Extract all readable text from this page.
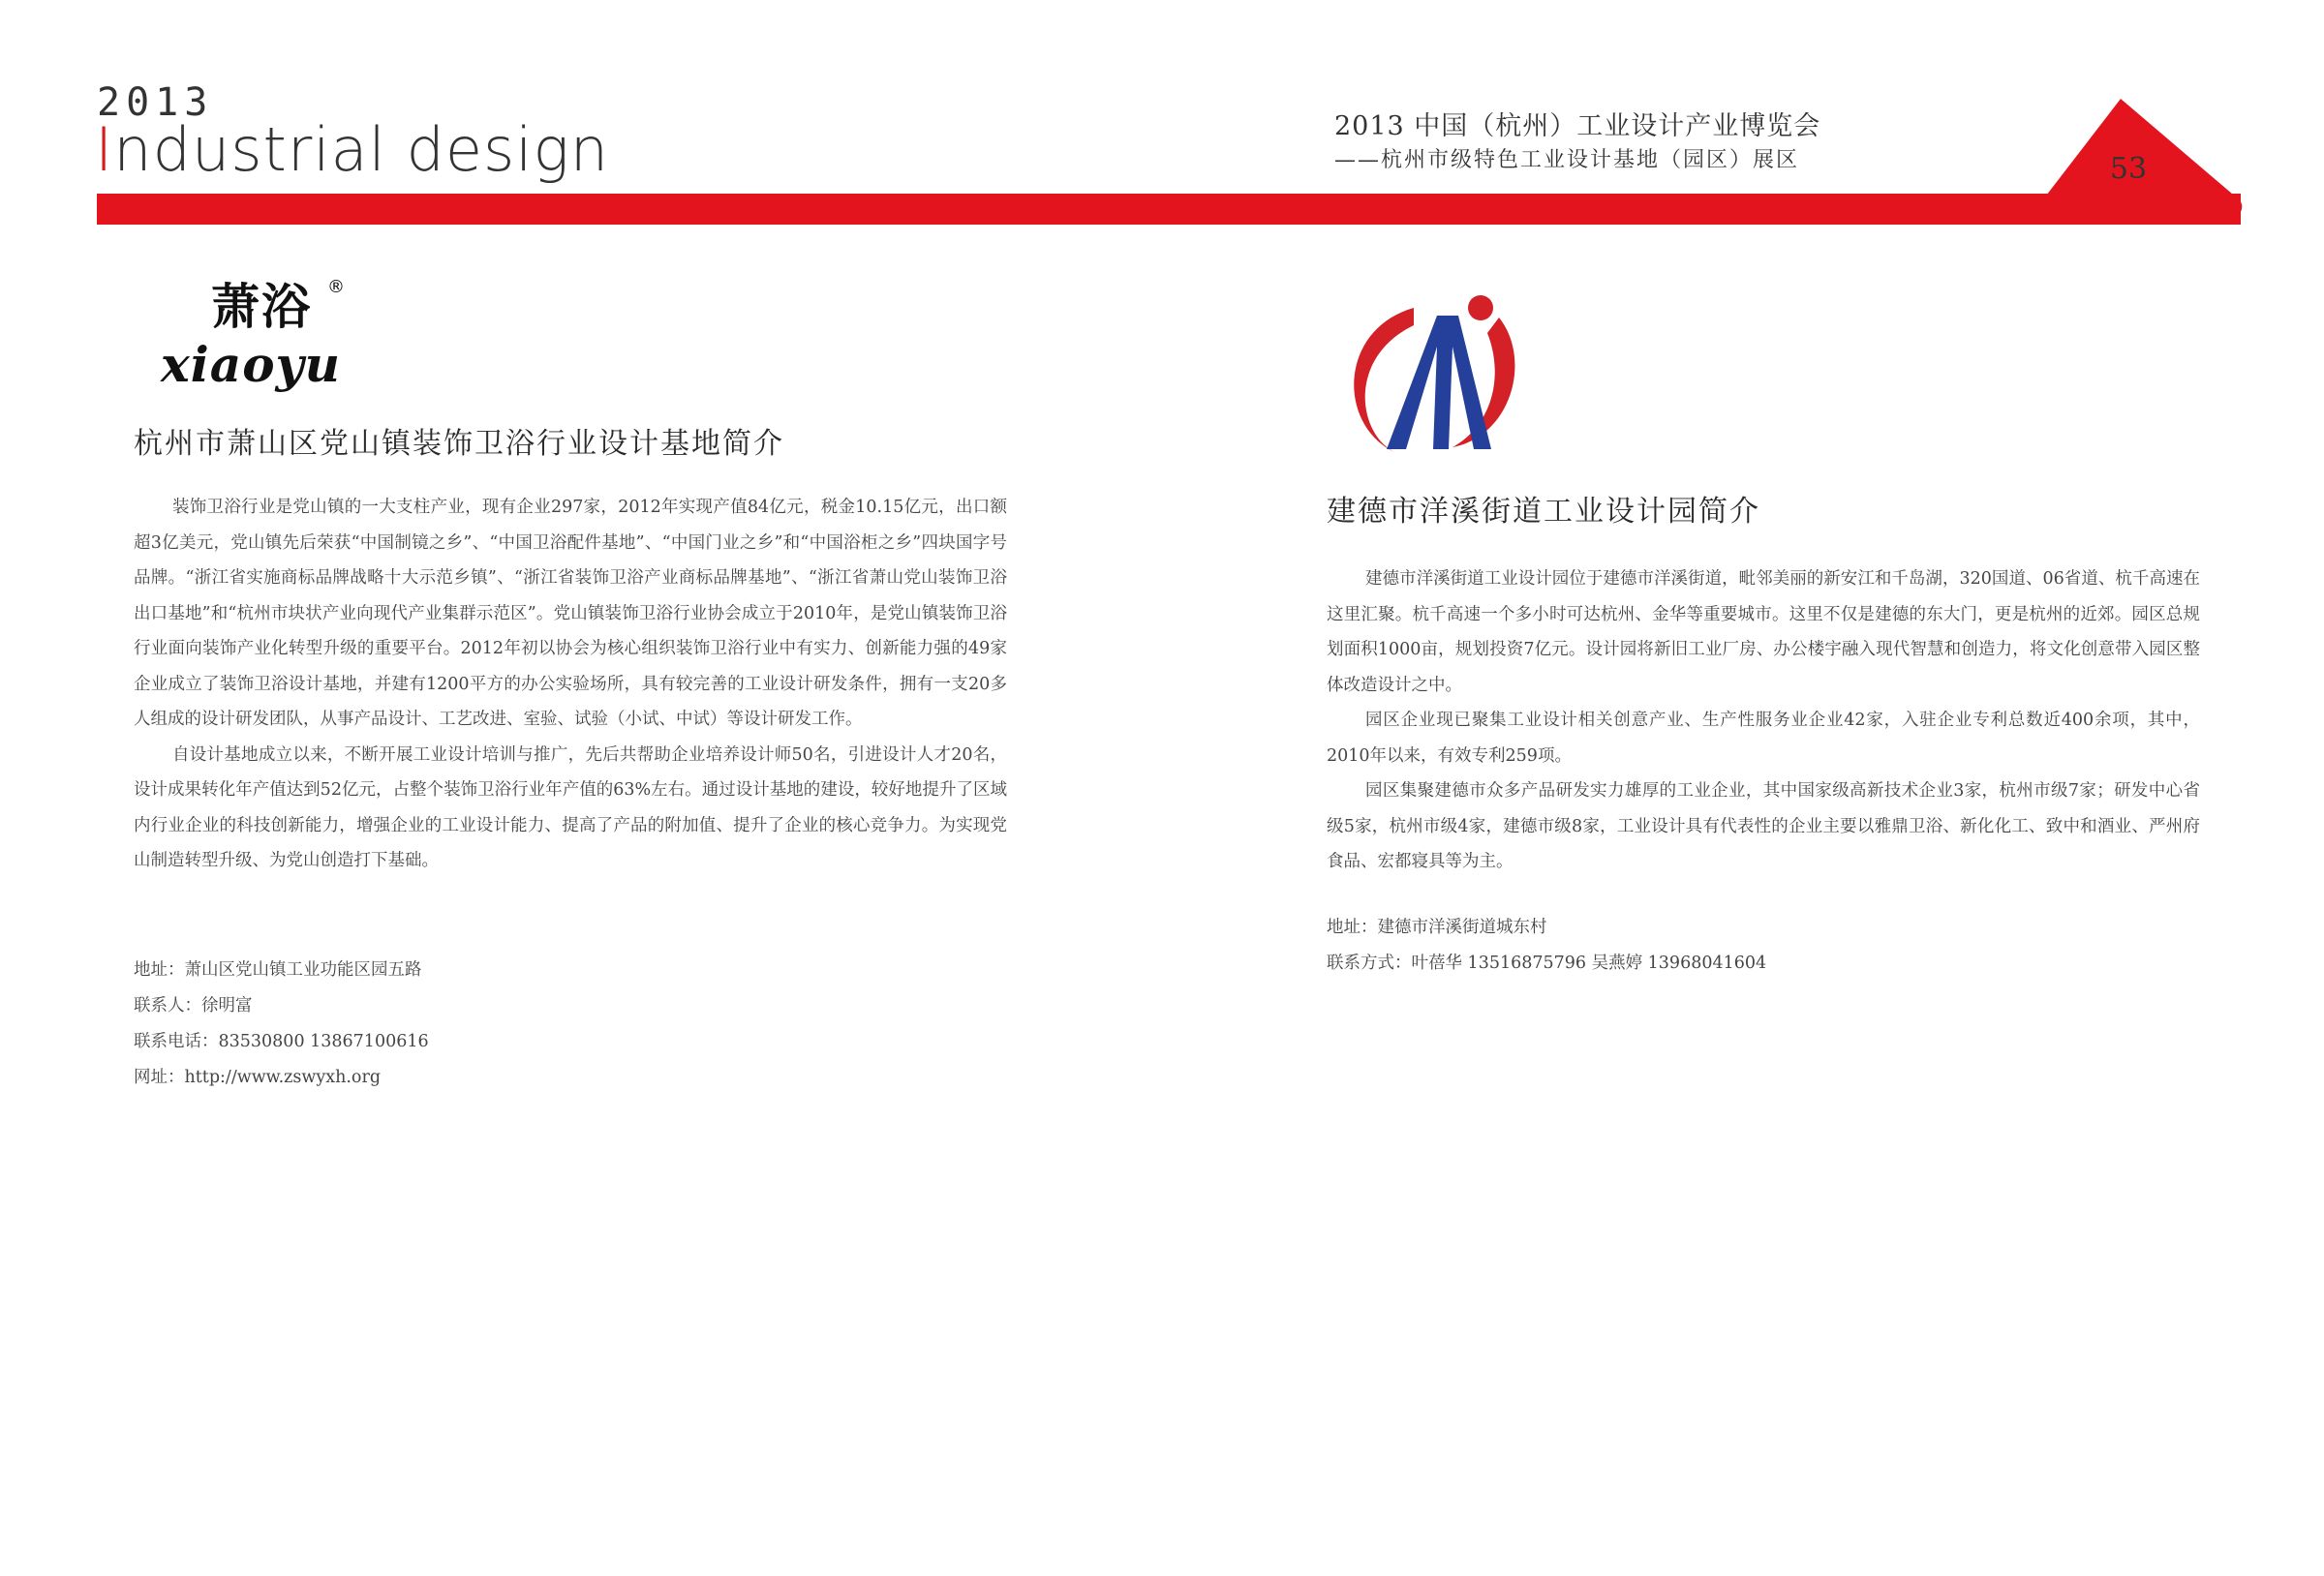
2013
Industrial design	2013 中国（杭州）工业设计产业博览会
——杭州市级特色工业设计基地（园区）展区	53
萧浴 ®
xiaoyu
杭州市萧山区党山镇装饰卫浴行业设计基地简介

装饰卫浴行业是党山镇的一大支柱产业，现有企业297家，2012年实现产值84亿元，税金10.15亿元，出口额超3亿美元，党山镇先后荣获“中国制镜之乡”、“中国卫浴配件基地”、“中国门业之乡”和“中国浴柜之乡”四块国字号品牌。“浙江省实施商标品牌战略十大示范乡镇”、“浙江省装饰卫浴产业商标品牌基地”、“浙江省萧山党山装饰卫浴出口基地”和“杭州市块状产业向现代产业集群示范区”。党山镇装饰卫浴行业协会成立于2010年，是党山镇装饰卫浴行业面向装饰产业化转型升级的重要平台。2012年初以协会为核心组织装饰卫浴行业中有实力、创新能力强的49家企业成立了装饰卫浴设计基地，并建有1200平方的办公实验场所，具有较完善的工业设计研发条件，拥有一支20多人组成的设计研发团队，从事产品设计、工艺改进、室验、试验（小试、中试）等设计研发工作。

自设计基地成立以来，不断开展工业设计培训与推广，先后共帮助企业培养设计师50名，引进设计人才20名，设计成果转化年产值达到52亿元，占整个装饰卫浴行业年产值的63%左右。通过设计基地的建设，较好地提升了区域内行业企业的科技创新能力，增强企业的工业设计能力、提高了产品的附加值、提升了企业的核心竞争力。为实现党山制造转型升级、为党山创造打下基础。

地址：萧山区党山镇工业功能区园五路

联系人：徐明富

联系电话：83530800 13867100616

网址：http://www.zswyxh.org

建德市洋溪街道工业设计园简介

建德市洋溪街道工业设计园位于建德市洋溪街道，毗邻美丽的新安江和千岛湖，320国道、06省道、杭千高速在这里汇聚。杭千高速一个多小时可达杭州、金华等重要城市。这里不仅是建德的东大门，更是杭州的近郊。园区总规划面积1000亩，规划投资7亿元。设计园将新旧工业厂房、办公楼宇融入现代智慧和创造力，将文化创意带入园区整体改造设计之中。

园区企业现已聚集工业设计相关创意产业、生产性服务业企业42家，入驻企业专利总数近400余项，其中，2010年以来，有效专利259项。

园区集聚建德市众多产品研发实力雄厚的工业企业，其中国家级高新技术企业3家，杭州市级7家；研发中心省级5家，杭州市级4家，建德市级8家，工业设计具有代表性的企业主要以雅鼎卫浴、新化化工、致中和酒业、严州府食品、宏都寝具等为主。

地址：建德市洋溪街道城东村

联系方式：叶蓓华 13516875796 吴燕婷 13968041604
